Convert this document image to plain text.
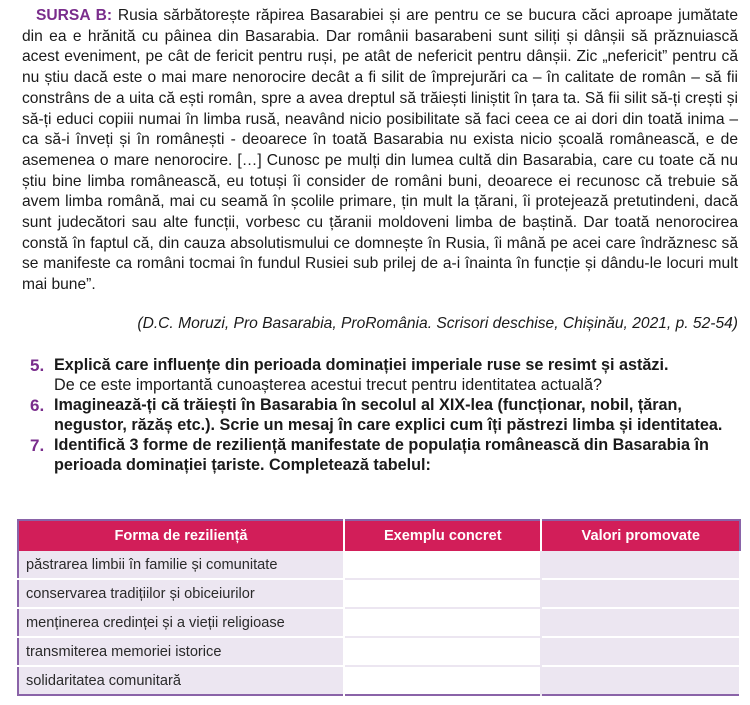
SURSA B: Rusia sărbătorește răpirea Basarabiei și are pentru ce se bucura căci aproape jumătate din ea e hrănită cu pâinea din Basarabia. Dar românii basarabeni sunt siliți și dânșii să prăznuiască acest eveniment, pe cât de fericit pentru ruși, pe atât de nefericit pentru dânșii. Zic „nefericit” pentru că nu știu dacă este o mai mare nenorocire decât a fi silit de împrejurări ca – în calitate de român – să fii constrâns de a uita că ești român, spre a avea dreptul să trăiești liniștit în țara ta. Să fii silit să-ți crești și să-ți educi copiii numai în limba rusă, neavând nicio posibilitate să faci ceea ce ai dori din toată inima – ca să-i înveți și în românești - deoarece în toată Basarabia nu exista nicio școală românească, e de asemenea o mare nenorocire. […] Cunosc pe mulți din lumea cultă din Basarabia, care cu toate că nu știu bine limba românească, eu totuși îi consider de români buni, deoarece ei recunosc că trebuie să avem limba română, mai cu seamă în școlile primare, țin mult la țărani, îi protejează pretutindeni, dacă sunt judecători sau alte funcții, vorbesc cu țăranii moldoveni limba de baștină. Dar toată nenorocirea constă în faptul că, din cauza absolutismului ce domnește în Rusia, îi mână pe acei care îndrăznesc să se manifeste ca români tocmai în fundul Rusiei sub prilej de a-i înainta în funcție și dându-le locuri mult mai bune”.
(D.C. Moruzi, Pro Basarabia, ProRomânia. Scrisori deschise, Chișinău, 2021, p. 52-54)
5. Explică care influențe din perioada dominației imperiale ruse se resimt și astăzi.
De ce este importantă cunoașterea acestui trecut pentru identitatea actuală?
6. Imaginează-ți că trăiești în Basarabia în secolul al XIX-lea (funcționar, nobil, țăran, negustor, răzăș etc.). Scrie un mesaj în care explici cum îți păstrezi limba și identitatea.
7. Identifică 3 forme de reziliență manifestate de populația românească din Basarabia în perioada dominației țariste. Completează tabelul:
Forma de reziliență	Exemplu concret	Valori promovate
păstrarea limbii în familie și comunitate		
conservarea tradițiilor și obiceiurilor		
menținerea credinței și a vieții religioase		
transmiterea memoriei istorice		
solidaritatea comunitară		
